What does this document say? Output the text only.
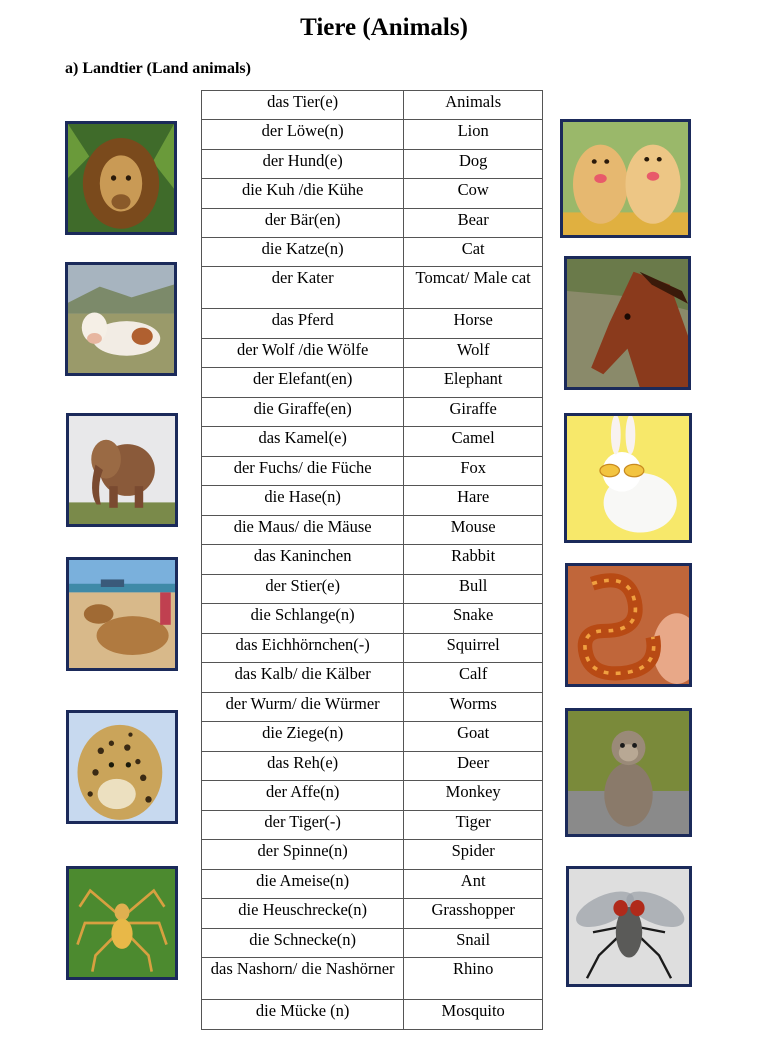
Tiere (Animals)
a) Landtier (Land animals)
das Tier(e)	Animals
der Löwe(n)	Lion
der Hund(e)	Dog
die Kuh /die Kühe	Cow
der Bär(en)	Bear
die Katze(n)	Cat
der Kater	Tomcat/ Male cat
das Pferd	Horse
der Wolf /die Wölfe	Wolf
der Elefant(en)	Elephant
die Giraffe(en)	Giraffe
das Kamel(e)	Camel
der Fuchs/ die Füche	Fox
die Hase(n)	Hare
die Maus/ die Mäuse	Mouse
das Kaninchen	Rabbit
der Stier(e)	Bull
die Schlange(n)	Snake
das Eichhörnchen(-)	Squirrel
das Kalb/ die Kälber	Calf
der Wurm/ die Würmer	Worms
die Ziege(n)	Goat
das Reh(e)	Deer
der Affe(n)	Monkey
der Tiger(-)	Tiger
der Spinne(n)	Spider
die Ameise(n)	Ant
die Heuschrecke(n)	Grasshopper
die Schnecke(n)	Snail
das Nashorn/ die Nashörner	Rhino
die Mücke (n)	Mosquito
